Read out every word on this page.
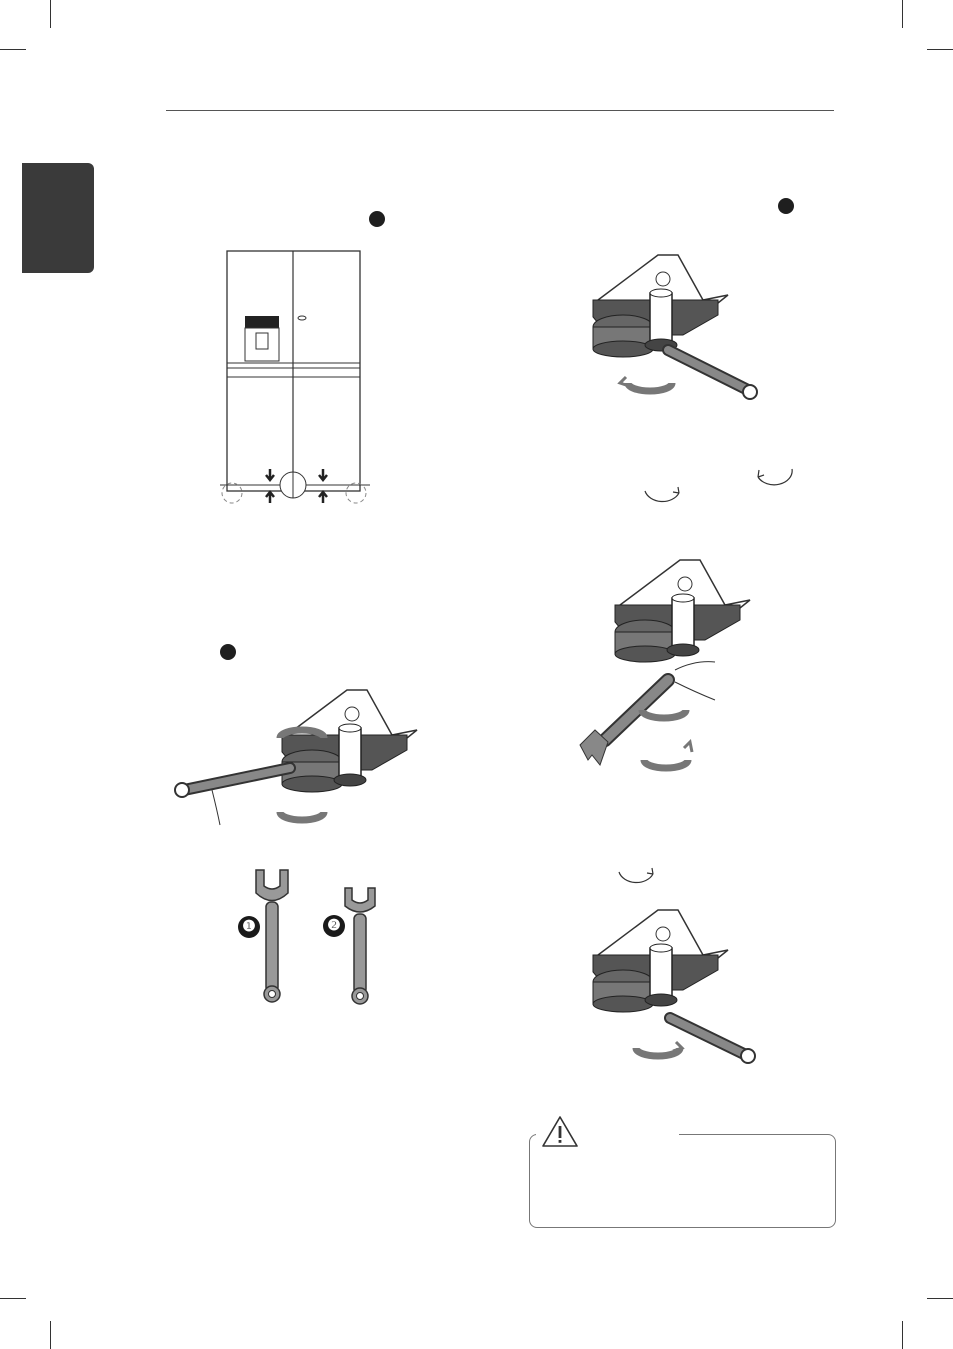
❶	❷
